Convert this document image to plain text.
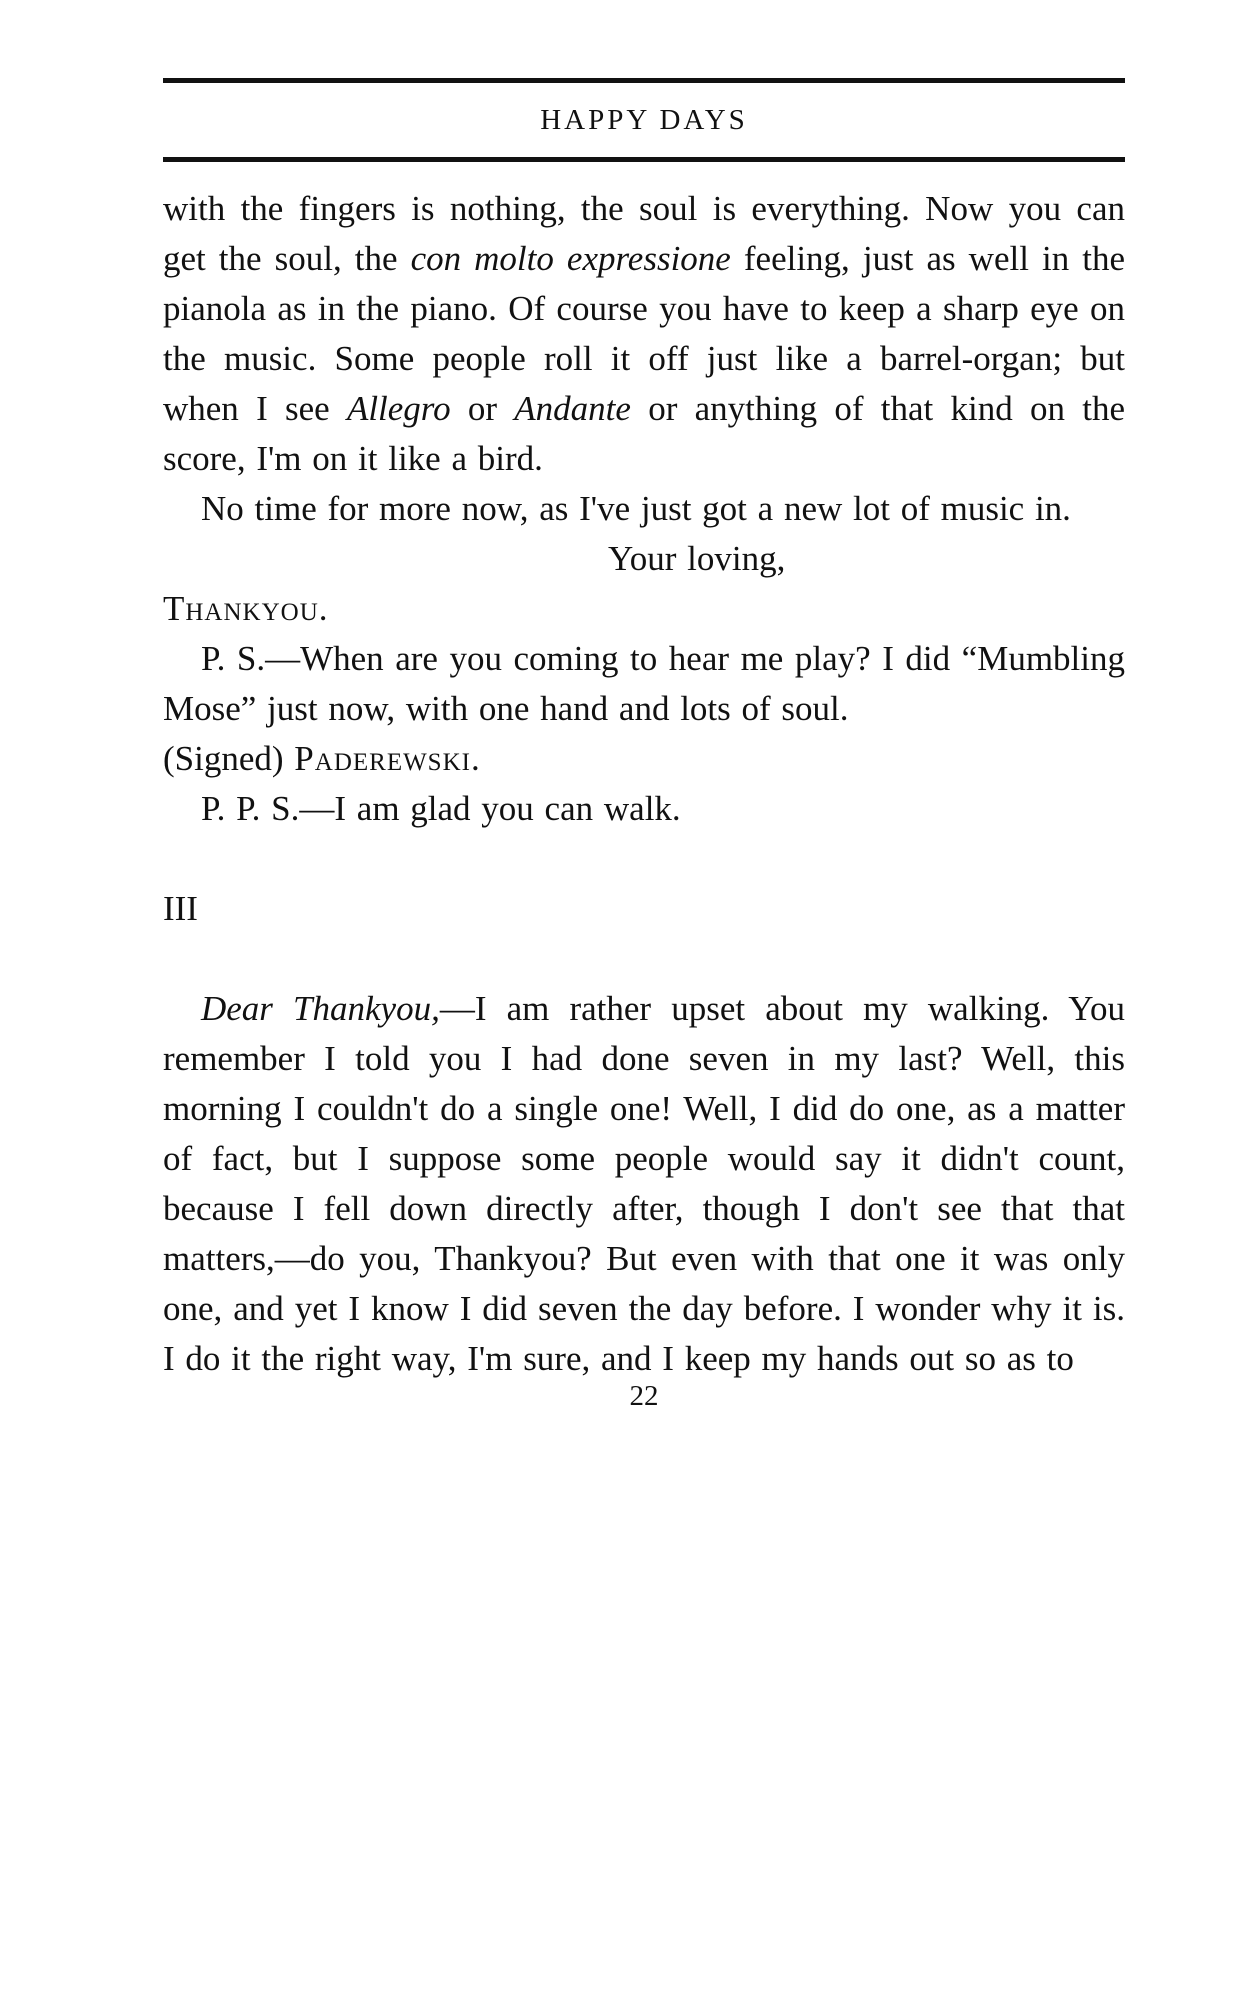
HAPPY DAYS

with the fingers is nothing, the soul is everything. Now you can get the soul, the con molto expressione feeling, just as well in the pianola as in the piano. Of course you have to keep a sharp eye on the music. Some people roll it off just like a barrel-organ; but when I see Allegro or Andante or anything of that kind on the score, I'm on it like a bird.

No time for more now, as I've just got a new lot of music in.

Your loving,

Thankyou.

P. S.—When are you coming to hear me play? I did “Mumbling Mose” just now, with one hand and lots of soul.

(Signed) Paderewski.

P. P. S.—I am glad you can walk.

III

Dear Thankyou,—I am rather upset about my walking. You remember I told you I had done seven in my last? Well, this morning I couldn't do a single one! Well, I did do one, as a matter of fact, but I suppose some people would say it didn't count, because I fell down directly after, though I don't see that that matters,—do you, Thankyou? But even with that one it was only one, and yet I know I did seven the day before. I wonder why it is. I do it the right way, I'm sure, and I keep my hands out so as to

22
